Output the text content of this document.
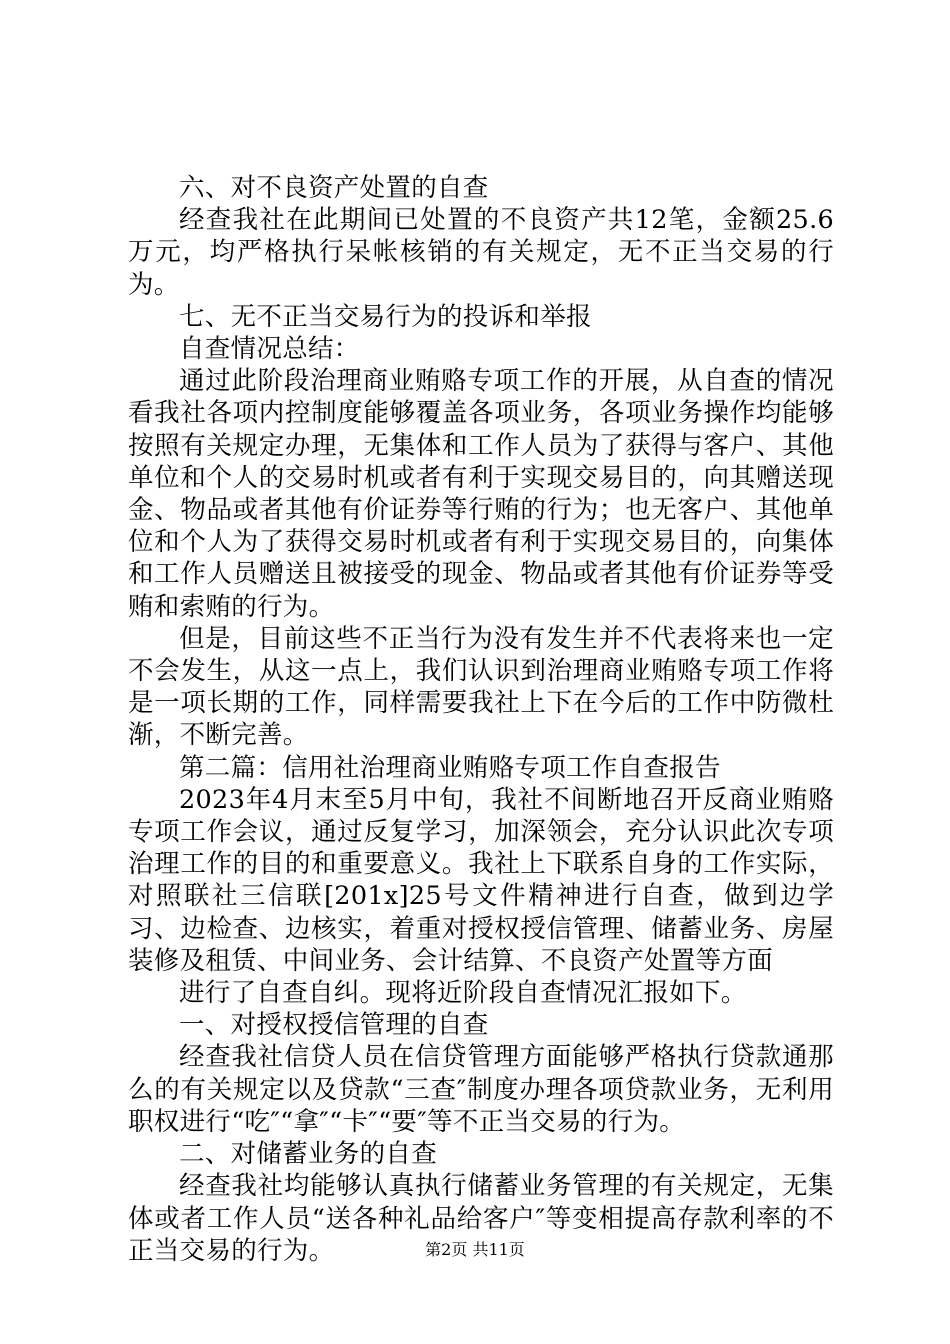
六、对不良资产处置的自查

经查我社在此期间已处置的不良资产共12笔，金额25.6万元，均严格执行呆帐核销的有关规定，无不正当交易的行为。

七、无不正当交易行为的投诉和举报

自查情况总结：

通过此阶段治理商业贿赂专项工作的开展，从自查的情况看我社各项内控制度能够覆盖各项业务，各项业务操作均能够按照有关规定办理，无集体和工作人员为了获得与客户、其他单位和个人的交易时机或者有利于实现交易目的，向其赠送现金、物品或者其他有价证券等行贿的行为；也无客户、其他单位和个人为了获得交易时机或者有利于实现交易目的，向集体和工作人员赠送且被接受的现金、物品或者其他有价证券等受贿和索贿的行为。

但是，目前这些不正当行为没有发生并不代表将来也一定不会发生，从这一点上，我们认识到治理商业贿赂专项工作将是一项长期的工作，同样需要我社上下在今后的工作中防微杜渐，不断完善。

第二篇：信用社治理商业贿赂专项工作自查报告

2023年4月末至5月中旬，我社不间断地召开反商业贿赂专项工作会议，通过反复学习，加深领会，充分认识此次专项治理工作的目的和重要意义。我社上下联系自身的工作实际，对照联社三信联[201x]25号文件精神进行自查，做到边学习、边检查、边核实，着重对授权授信管理、储蓄业务、房屋装修及租赁、中间业务、会计结算、不良资产处置等方面

进行了自查自纠。现将近阶段自查情况汇报如下。

一、对授权授信管理的自查

经查我社信贷人员在信贷管理方面能够严格执行贷款通那么的有关规定以及贷款“三查″制度办理各项贷款业务，无利用职权进行“吃″“拿″“卡″“要″等不正当交易的行为。

二、对储蓄业务的自查

经查我社均能够认真执行储蓄业务管理的有关规定，无集体或者工作人员“送各种礼品给客户″等变相提高存款利率的不正当交易的行为。	第2页 共11页
